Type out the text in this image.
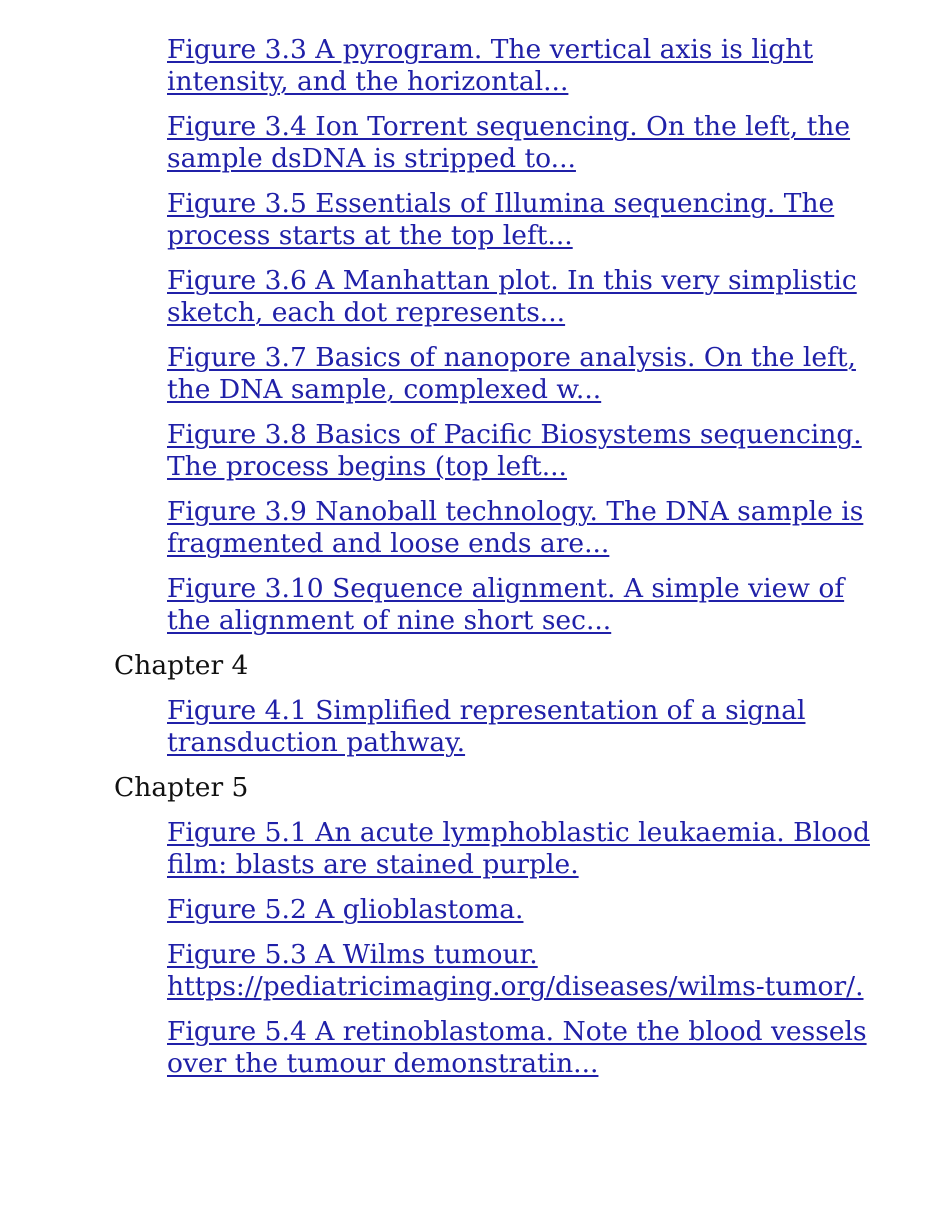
Figure 3.3 A pyrogram. The vertical axis is light intensity, and the horizontal...
Figure 3.4 Ion Torrent sequencing. On the left, the sample dsDNA is stripped to...
Figure 3.5 Essentials of Illumina sequencing. The process starts at the top left...
Figure 3.6 A Manhattan plot. In this very simplistic sketch, each dot represents...
Figure 3.7 Basics of nanopore analysis. On the left, the DNA sample, complexed w...
Figure 3.8 Basics of Pacific Biosystems sequencing. The process begins (top left...
Figure 3.9 Nanoball technology. The DNA sample is fragmented and loose ends are...
Figure 3.10 Sequence alignment. A simple view of the alignment of nine short sec...
Chapter 4
Figure 4.1 Simplified representation of a signal transduction pathway.
Chapter 5
Figure 5.1 An acute lymphoblastic leukaemia. Blood film: blasts are stained purple.
Figure 5.2 A glioblastoma.
Figure 5.3 A Wilms tumour. https://pediatricimaging.org/diseases/wilms-tumor/.
Figure 5.4 A retinoblastoma. Note the blood vessels over the tumour demonstratin...
